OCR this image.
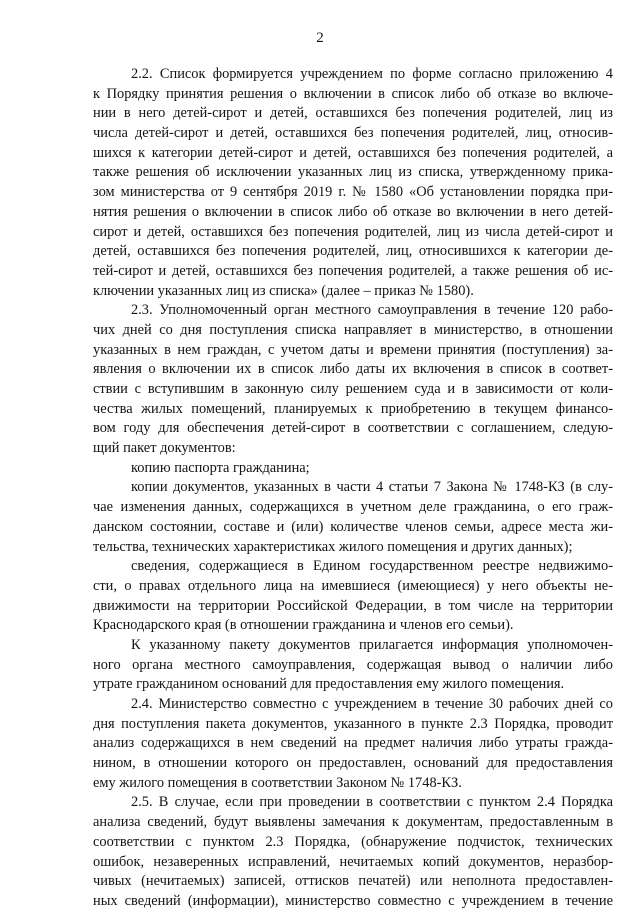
2
2.2. Список формируется учреждением по форме согласно приложению 4
к Порядку принятия решения о включении в список либо об отказе во включе-
нии в него детей-сирот и детей, оставшихся без попечения родителей, лиц из
числа детей-сирот и детей, оставшихся без попечения родителей, лиц, относив-
шихся к категории детей-сирот и детей, оставшихся без попечения родителей, а
также решения об исключении указанных лиц из списка, утвержденному прика-
зом министерства от 9 сентября 2019 г. № 1580 «Об установлении порядка при-
нятия решения о включении в список либо об отказе во включении в него детей-
сирот и детей, оставшихся без попечения родителей, лиц из числа детей-сирот и
детей, оставшихся без попечения родителей, лиц, относившихся к категории де-
тей-сирот и детей, оставшихся без попечения родителей, а также решения об ис-
ключении указанных лиц из списка» (далее – приказ № 1580).
2.3. Уполномоченный орган местного самоуправления в течение 120 рабо-
чих дней со дня поступления списка направляет в министерство, в отношении
указанных в нем граждан, с учетом даты и времени принятия (поступления) за-
явления о включении их в список либо даты их включения в список в соответ-
ствии с вступившим в законную силу решением суда и в зависимости от коли-
чества жилых помещений, планируемых к приобретению в текущем финансо-
вом году для обеспечения детей-сирот в соответствии с соглашением, следую-
щий пакет документов:
копию паспорта гражданина;
копии документов, указанных в части 4 статьи 7 Закона № 1748-КЗ (в слу-
чае изменения данных, содержащихся в учетном деле гражданина, о его граж-
данском состоянии, составе и (или) количестве членов семьи, адресе места жи-
тельства, технических характеристиках жилого помещения и других данных);
сведения, содержащиеся в Едином государственном реестре недвижимо-
сти, о правах отдельного лица на имевшиеся (имеющиеся) у него объекты не-
движимости на территории Российской Федерации, в том числе на территории
Краснодарского края (в отношении гражданина и членов его семьи).
К указанному пакету документов прилагается информация уполномочен-
ного органа местного самоуправления, содержащая вывод о наличии либо
утрате гражданином оснований для предоставления ему жилого помещения.
2.4. Министерство совместно с учреждением в течение 30 рабочих дней со
дня поступления пакета документов, указанного в пункте 2.3 Порядка, проводит
анализ содержащихся в нем сведений на предмет наличия либо утраты гражда-
нином, в отношении которого он предоставлен, оснований для предоставления
ему жилого помещения в соответствии Законом № 1748-КЗ.
2.5. В случае, если при проведении в соответствии с пунктом 2.4 Порядка
анализа сведений, будут выявлены замечания к документам, предоставленным в
соответствии с пунктом 2.3 Порядка, (обнаружение подчисток, технических
ошибок, незаверенных исправлений, нечитаемых копий документов, неразбор-
чивых (нечитаемых) записей, оттисков печатей) или неполнота предоставлен-
ных сведений (информации), министерство совместно с учреждением в течение
